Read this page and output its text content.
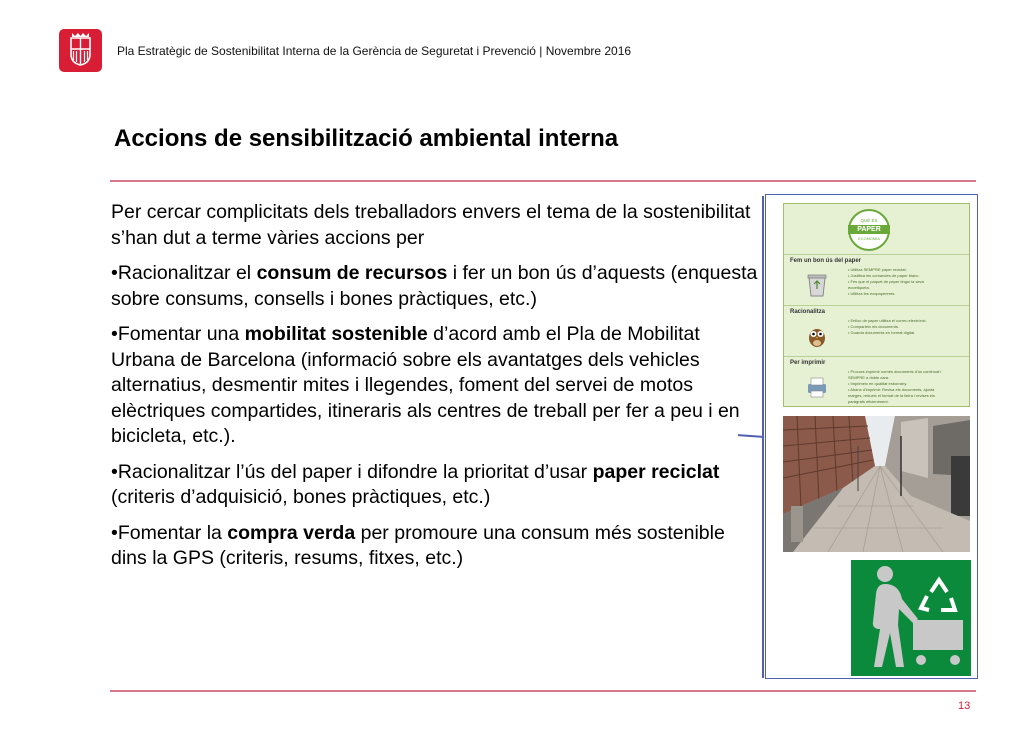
Pla Estratègic de Sostenibilitat Interna de la Gerència de Seguretat i Prevenció | Novembre 2016
Accions de sensibilització ambiental interna

Per cercar complicitats dels treballadors envers el tema de la sostenibilitat s’han dut a terme vàries accions per

•Racionalitzar el consum de recursos i fer un bon ús d’aquests (enquesta sobre consums, consells i bones pràctiques, etc.)

•Fomentar una mobilitat sostenible d’acord amb el Pla de Mobilitat Urbana de Barcelona (informació sobre els avantatges dels vehicles alternatius, desmentir mites i llegendes, foment del servei de motos elèctriques compartides, itineraris als centres de treball per fer a peu i en bicicleta, etc.).

•Racionalitzar l’ús del paper i difondre la prioritat d’usar paper reciclat (criteris d’adquisició, bones pràctiques, etc.)

•Fomentar la compra verda per promoure una consum més sostenible dins la GPS (criteris, resums, fitxes, etc.)

QUÈ ÉS
PAPER
ECONOMIA
Fem un bon ús del paper
• Utilitza SEMPRE paper reciclat.
• Justifica les comandes de paper blanc.
• Fes que el paquet de paper tingui la seva
ecoetiqueta.
• Utilitza les ecopapereres.
Racionalitza
• Enlloc de paper utilitza el correu electrònic.
• Comparteix els documents.
• Guarda documents en format digital.
Per imprimir
• Procura imprimir només documents d'ús continuat i
SEMPRE a doble cara.
• Imprimeix en qualitat esborrany.
• Abans d'imprimir: Revisa els documents, ajusta
marges, redueix el format de la lletra i revises els
paràgrafs eficientment.
13
